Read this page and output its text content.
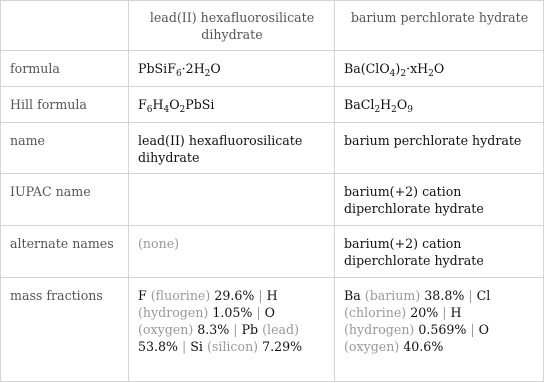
	lead(II) hexafluorosilicate dihydrate	barium perchlorate hydrate
formula	$PbSiF_6\cdot 2H_2O$	$Ba(ClO_4)_2\cdot xH_2O$
Hill formula	$F_6H_4O_2PbSi$	$BaCl_2H_2O_9$
name	lead(II) hexafluorosilicate dihydrate	barium perchlorate hydrate
IUPAC name		barium(+2) cation diperchlorate hydrate
alternate names	(none)	barium(+2) cation diperchlorate hydrate
mass fractions	F (fluorine) 29.6% | H (hydrogen) 1.05% | O (oxygen) 8.3% | Pb (lead) 53.8% | Si (silicon) 7.29%	Ba (barium) 38.8% | Cl (chlorine) 20% | H (hydrogen) 0.569% | O (oxygen) 40.6%
